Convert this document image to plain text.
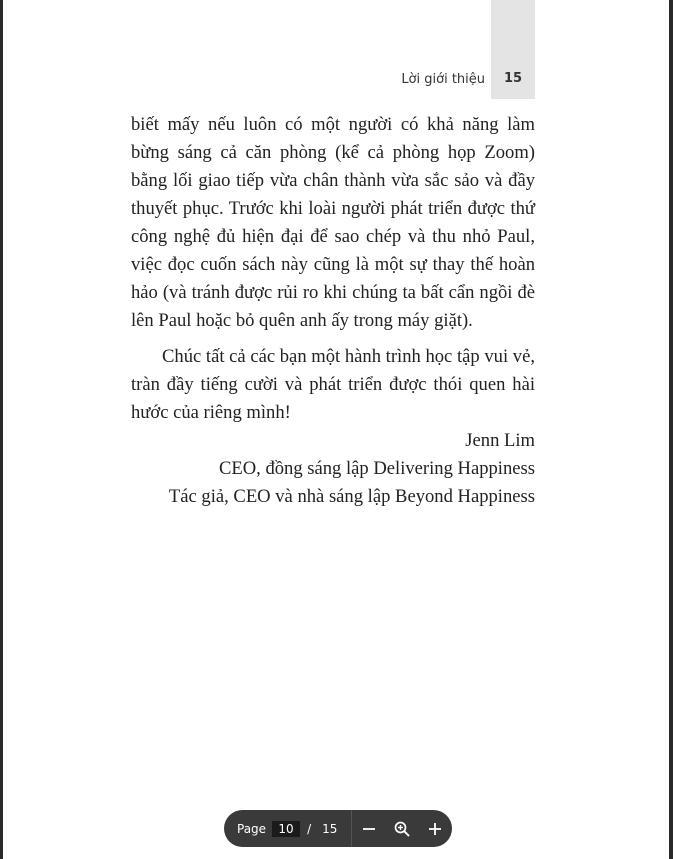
Lời giới thiệu	15

biết mấy nếu luôn có một người có khả năng làm bừng sáng cả căn phòng (kể cả phòng họp Zoom) bằng lối giao tiếp vừa chân thành vừa sắc sảo và đầy thuyết phục. Trước khi loài người phát triển được thứ công nghệ đủ hiện đại để sao chép và thu nhỏ Paul, việc đọc cuốn sách này cũng là một sự thay thế hoàn hảo (và tránh được rủi ro khi chúng ta bất cẩn ngồi đè lên Paul hoặc bỏ quên anh ấy trong máy giặt).

Chúc tất cả các bạn một hành trình học tập vui vẻ, tràn đầy tiếng cười và phát triển được thói quen hài hước của riêng mình!

Jenn Lim

CEO, đồng sáng lập Delivering Happiness

Tác giả, CEO và nhà sáng lập Beyond Happiness

Page
10	/ 15
